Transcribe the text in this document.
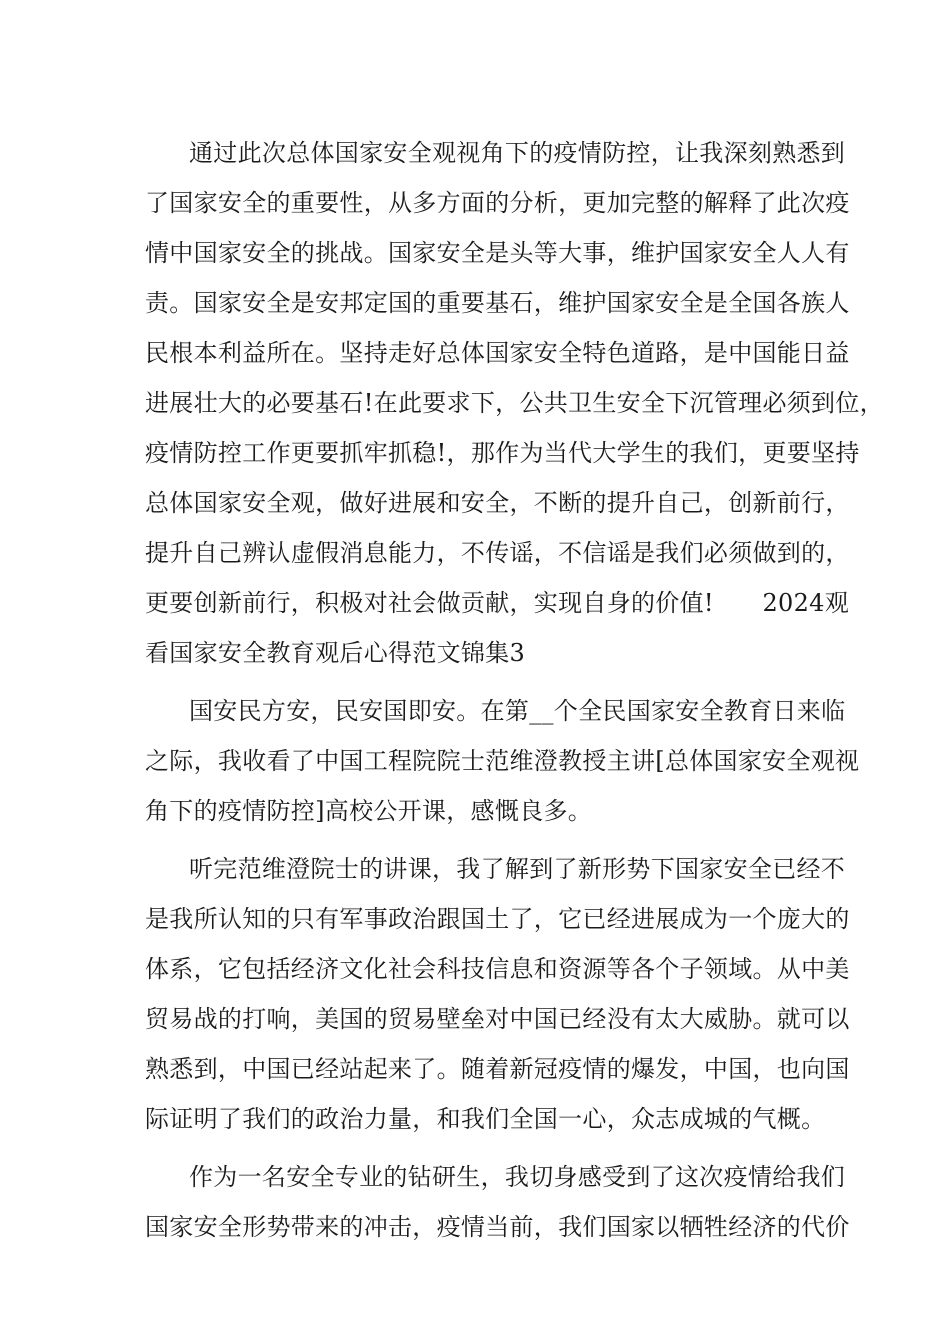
通过此次总体国家安全观视角下的疫情防控，让我深刻熟悉到
了国家安全的重要性，从多方面的分析，更加完整的解释了此次疫
情中国家安全的挑战。国家安全是头等大事，维护国家安全人人有
责。国家安全是安邦定国的重要基石，维护国家安全是全国各族人
民根本利益所在。坚持走好总体国家安全特色道路，是中国能日益
进展壮大的必要基石!在此要求下，公共卫生安全下沉管理必须到位，
疫情防控工作更要抓牢抓稳!，那作为当代大学生的我们，更要坚持
总体国家安全观，做好进展和安全，不断的提升自己，创新前行，
提升自己辨认虚假消息能力，不传谣，不信谣是我们必须做到的，
更要创新前行，积极对社会做贡献，实现自身的价值!　　2024观
看国家安全教育观后心得范文锦集3
国安民方安，民安国即安。在第__个全民国家安全教育日来临
之际，我收看了中国工程院院士范维澄教授主讲[总体国家安全观视
角下的疫情防控]高校公开课，感慨良多。
听完范维澄院士的讲课，我了解到了新形势下国家安全已经不
是我所认知的只有军事政治跟国土了，它已经进展成为一个庞大的
体系，它包括经济文化社会科技信息和资源等各个子领域。从中美
贸易战的打响，美国的贸易壁垒对中国已经没有太大威胁。就可以
熟悉到，中国已经站起来了。随着新冠疫情的爆发，中国，也向国
际证明了我们的政治力量，和我们全国一心，众志成城的气概。
作为一名安全专业的钻研生，我切身感受到了这次疫情给我们
国家安全形势带来的冲击，疫情当前，我们国家以牺牲经济的代价
